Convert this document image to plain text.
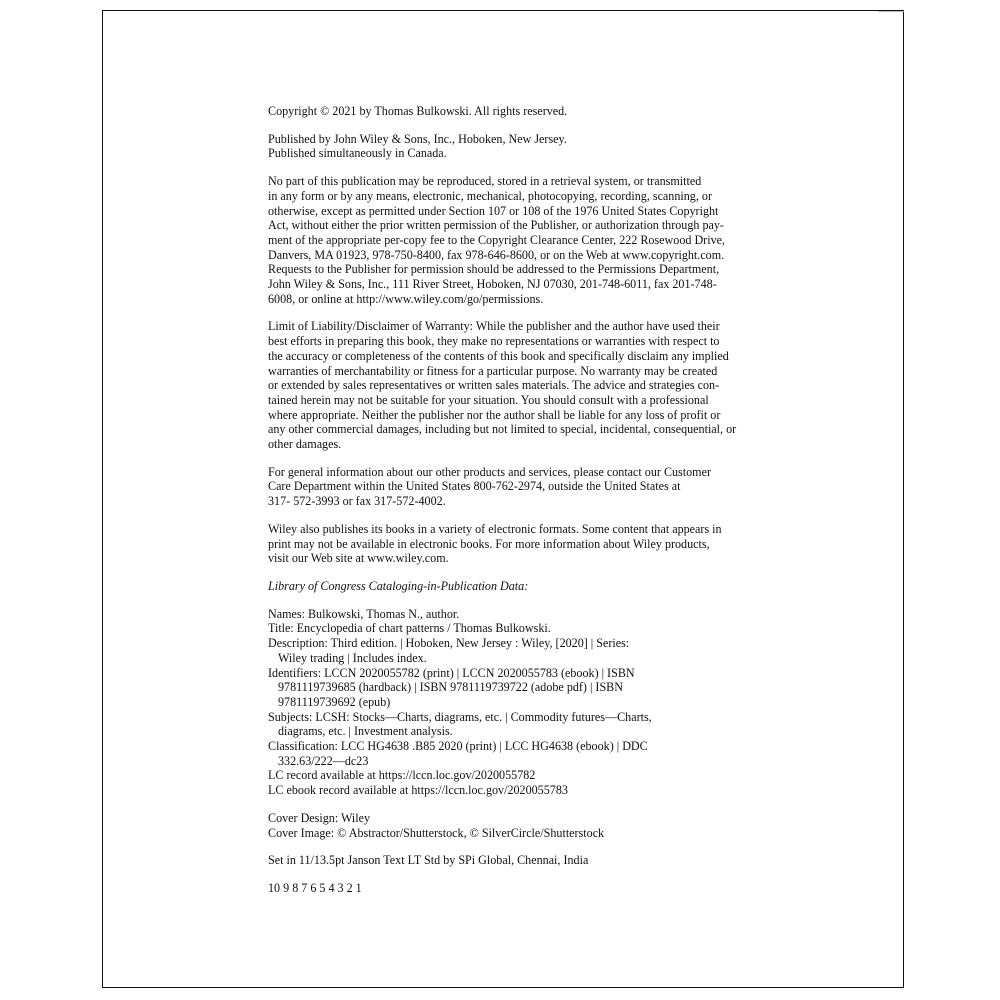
Copyright © 2021 by Thomas Bulkowski. All rights reserved.

Published by John Wiley & Sons, Inc., Hoboken, New Jersey.
Published simultaneously in Canada.

No part of this publication may be reproduced, stored in a retrieval system, or transmitted
in any form or by any means, electronic, mechanical, photocopying, recording, scanning, or
otherwise, except as permitted under Section 107 or 108 of the 1976 United States Copyright
Act, without either the prior written permission of the Publisher, or authorization through pay-
ment of the appropriate per-copy fee to the Copyright Clearance Center, 222 Rosewood Drive,
Danvers, MA 01923, 978-750-8400, fax 978-646-8600, or on the Web at www.copyright.com.
Requests to the Publisher for permission should be addressed to the Permissions Department,
John Wiley & Sons, Inc., 111 River Street, Hoboken, NJ 07030, 201-748-6011, fax 201-748-
6008, or online at http://www.wiley.com/go/permissions.

Limit of Liability/Disclaimer of Warranty: While the publisher and the author have used their
best efforts in preparing this book, they make no representations or warranties with respect to
the accuracy or completeness of the contents of this book and specifically disclaim any implied
warranties of merchantability or fitness for a particular purpose. No warranty may be created
or extended by sales representatives or written sales materials. The advice and strategies con-
tained herein may not be suitable for your situation. You should consult with a professional
where appropriate. Neither the publisher nor the author shall be liable for any loss of profit or
any other commercial damages, including but not limited to special, incidental, consequential, or
other damages.

For general information about our other products and services, please contact our Customer
Care Department within the United States 800-762-2974, outside the United States at
317- 572-3993 or fax 317-572-4002.

Wiley also publishes its books in a variety of electronic formats. Some content that appears in
print may not be available in electronic books. For more information about Wiley products,
visit our Web site at www.wiley.com.

Library of Congress Cataloging-in-Publication Data:

Names: Bulkowski, Thomas N., author.
Title: Encyclopedia of chart patterns / Thomas Bulkowski.
Description: Third edition. | Hoboken, New Jersey : Wiley, [2020] | Series:
Wiley trading | Includes index.
Identifiers: LCCN 2020055782 (print) | LCCN 2020055783 (ebook) | ISBN
9781119739685 (hardback) | ISBN 9781119739722 (adobe pdf) | ISBN
9781119739692 (epub)
Subjects: LCSH: Stocks—Charts, diagrams, etc. | Commodity futures—Charts,
diagrams, etc. | Investment analysis.
Classification: LCC HG4638 .B85 2020 (print) | LCC HG4638 (ebook) | DDC
332.63/222—dc23
LC record available at https://lccn.loc.gov/2020055782
LC ebook record available at https://lccn.loc.gov/2020055783

Cover Design: Wiley
Cover Image: © Abstractor/Shutterstock, © SilverCircle/Shutterstock

Set in 11/13.5pt Janson Text LT Std by SPi Global, Chennai, India

10 9 8 7 6 5 4 3 2 1
